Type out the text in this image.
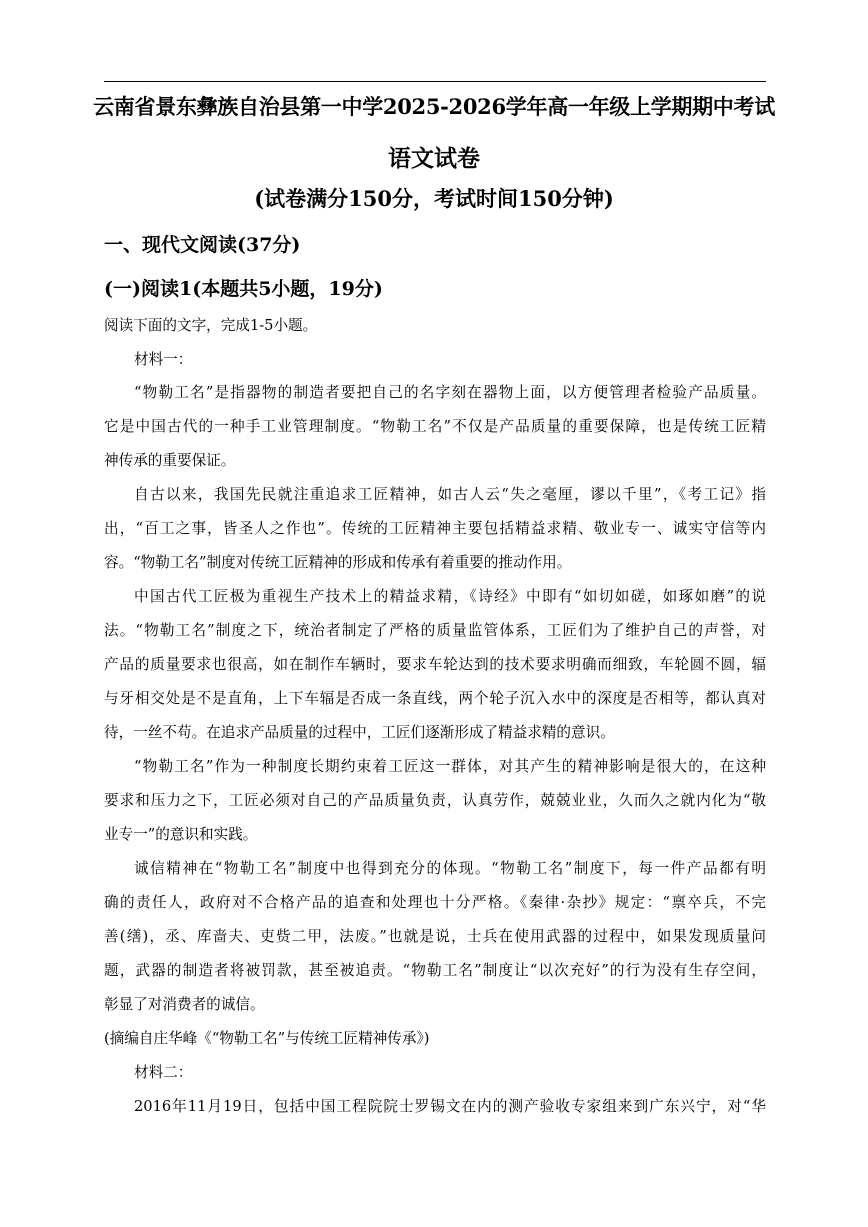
云南省景东彝族自治县第一中学2025-2026学年高一年级上学期期中考试
语文试卷
(试卷满分150分，考试时间150分钟)
一、现代文阅读(37分)
(一)阅读1(本题共5小题，19分)
阅读下面的文字，完成1-5小题。
材料一：
“物勒工名”是指器物的制造者要把自己的名字刻在器物上面，以方便管理者检验产品质量。
它是中国古代的一种手工业管理制度。“物勒工名”不仅是产品质量的重要保障，也是传统工匠精
神传承的重要保证。
自古以来，我国先民就注重追求工匠精神，如古人云“失之毫厘，谬以千里”，《考工记》指
出，“百工之事，皆圣人之作也”。传统的工匠精神主要包括精益求精、敬业专一、诚实守信等内
容。“物勒工名”制度对传统工匠精神的形成和传承有着重要的推动作用。
中国古代工匠极为重视生产技术上的精益求精，《诗经》中即有“如切如磋，如琢如磨”的说
法。“物勒工名”制度之下，统治者制定了严格的质量监管体系，工匠们为了维护自己的声誉，对
产品的质量要求也很高，如在制作车辆时，要求车轮达到的技术要求明确而细致，车轮圆不圆，辐
与牙相交处是不是直角，上下车辐是否成一条直线，两个轮子沉入水中的深度是否相等，都认真对
待，一丝不苟。在追求产品质量的过程中，工匠们逐渐形成了精益求精的意识。
“物勒工名”作为一种制度长期约束着工匠这一群体，对其产生的精神影响是很大的，在这种
要求和压力之下，工匠必须对自己的产品质量负责，认真劳作，兢兢业业，久而久之就内化为“敬
业专一”的意识和实践。
诚信精神在“物勒工名”制度中也得到充分的体现。“物勒工名”制度下，每一件产品都有明
确的责任人，政府对不合格产品的追查和处理也十分严格。《秦律·杂抄》规定：“禀卒兵，不完
善(缮)，丞、库啬夫、吏赀二甲，法废。”也就是说，士兵在使用武器的过程中，如果发现质量问
题，武器的制造者将被罚款，甚至被追责。“物勒工名”制度让“以次充好”的行为没有生存空间，
彰显了对消费者的诚信。
(摘编自庄华峰《“物勒工名”与传统工匠精神传承》)
材料二：
2016年11月19日，包括中国工程院院士罗锡文在内的测产验收专家组来到广东兴宁，对“华
